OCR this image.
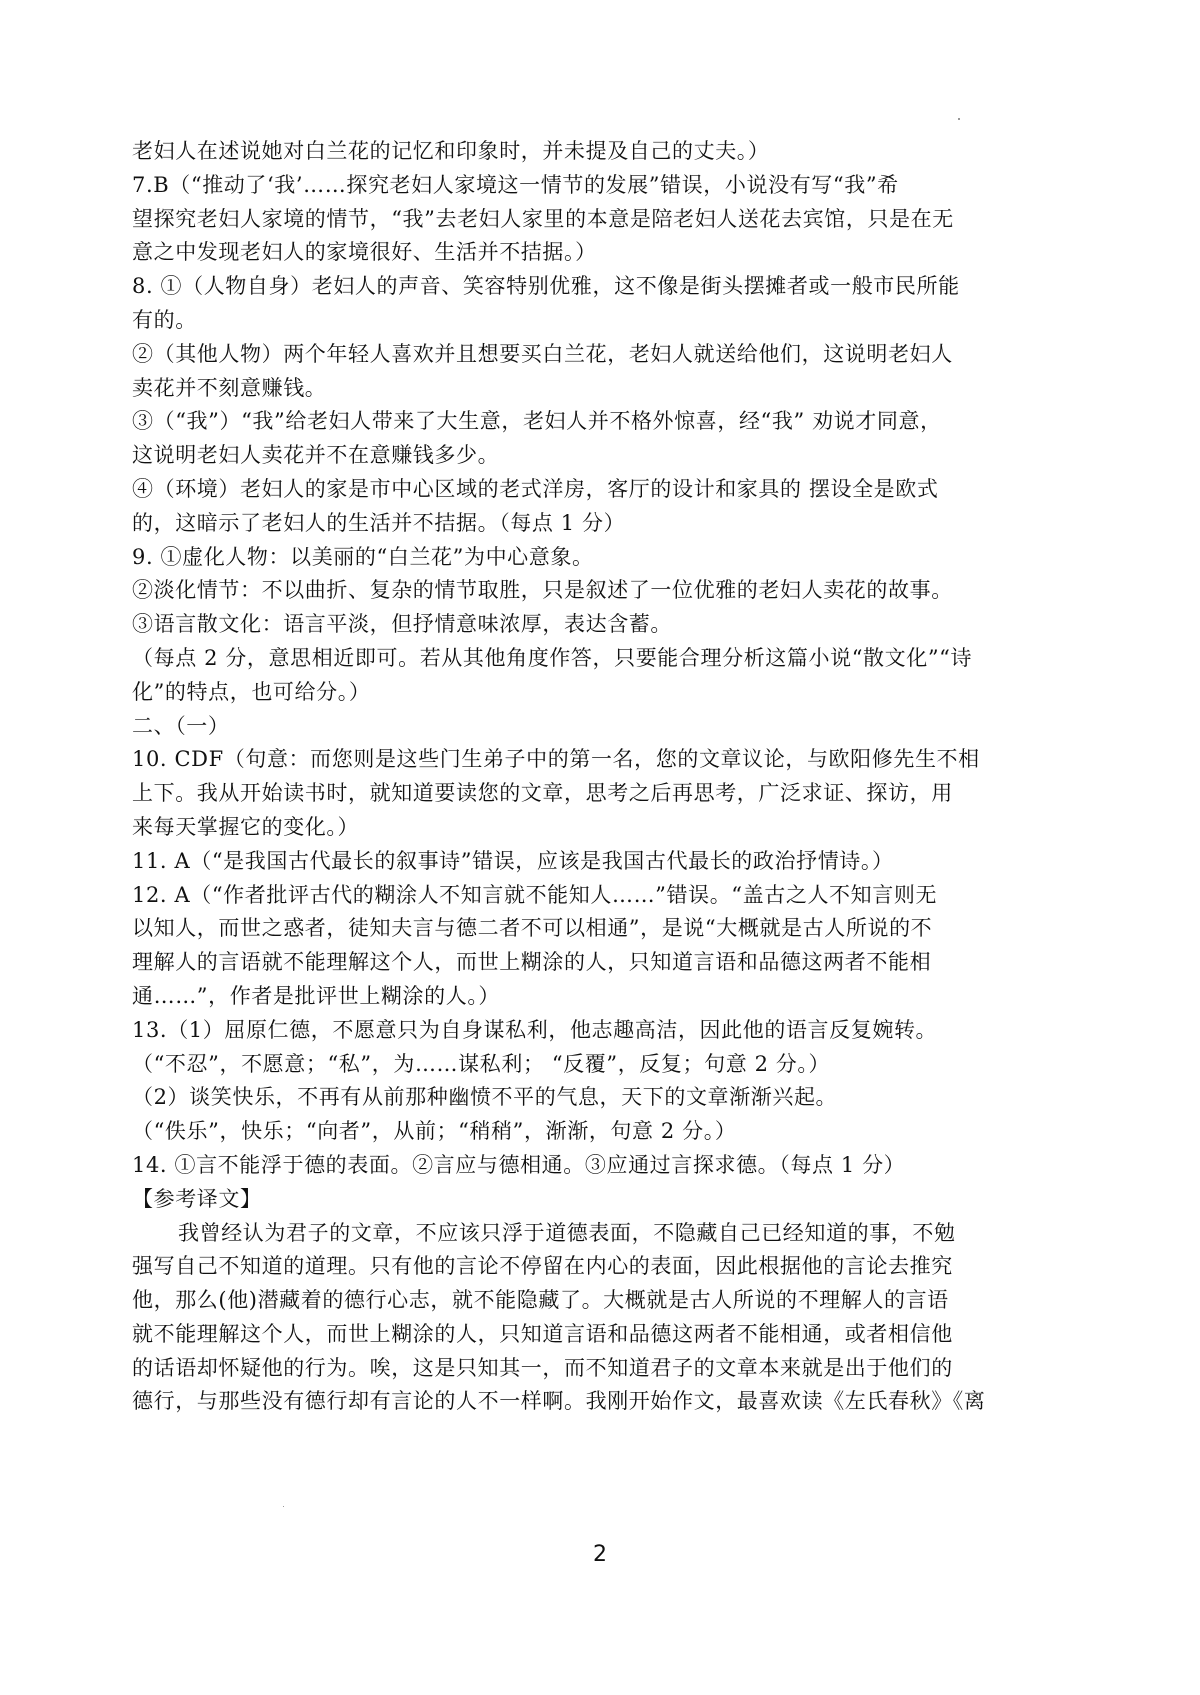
老妇人在述说她对白兰花的记忆和印象时，并未提及自己的丈夫。）
7.B（“推动了‘我’……探究老妇人家境这一情节的发展”错误，小说没有写“我”希
望探究老妇人家境的情节，“我”去老妇人家里的本意是陪老妇人送花去宾馆，只是在无
意之中发现老妇人的家境很好、生活并不拮据。）
8. ①（人物自身）老妇人的声音、笑容特别优雅，这不像是街头摆摊者或一般市民所能
有的。
②（其他人物）两个年轻人喜欢并且想要买白兰花，老妇人就送给他们，这说明老妇人
卖花并不刻意赚钱。
③（“我”）“我”给老妇人带来了大生意，老妇人并不格外惊喜，经“我” 劝说才同意，
这说明老妇人卖花并不在意赚钱多少。
④（环境）老妇人的家是市中心区域的老式洋房，客厅的设计和家具的 摆设全是欧式
的，这暗示了老妇人的生活并不拮据。（每点 1 分）
9. ①虚化人物：以美丽的“白兰花”为中心意象。
②淡化情节：不以曲折、复杂的情节取胜，只是叙述了一位优雅的老妇人卖花的故事。
③语言散文化：语言平淡，但抒情意味浓厚，表达含蓄。
（每点 2 分，意思相近即可。若从其他角度作答，只要能合理分析这篇小说“散文化”“诗
化”的特点，也可给分。）
二、（一）
10. CDF（句意：而您则是这些门生弟子中的第一名，您的文章议论，与欧阳修先生不相
上下。我从开始读书时，就知道要读您的文章，思考之后再思考，广泛求证、探访，用
来每天掌握它的变化。）
11. A（“是我国古代最长的叙事诗”错误，应该是我国古代最长的政治抒情诗。）
12. A（“作者批评古代的糊涂人不知言就不能知人……”错误。“盖古之人不知言则无
以知人，而世之惑者，徒知夫言与德二者不可以相通”，是说“大概就是古人所说的不
理解人的言语就不能理解这个人，而世上糊涂的人，只知道言语和品德这两者不能相
通……”，作者是批评世上糊涂的人。）
13.（1）屈原仁德，不愿意只为自身谋私利，他志趣高洁，因此他的语言反复婉转。
（“不忍”，不愿意；“私”，为……谋私利； “反覆”，反复；句意 2 分。）
（2）谈笑快乐，不再有从前那种幽愤不平的气息，天下的文章渐渐兴起。
（“佚乐”，快乐；“向者”，从前；“稍稍”，渐渐，句意 2 分。）
14. ①言不能浮于德的表面。②言应与德相通。③应通过言探求德。（每点 1 分）
【参考译文】
我曾经认为君子的文章，不应该只浮于道德表面，不隐藏自己已经知道的事，不勉
强写自己不知道的道理。只有他的言论不停留在内心的表面，因此根据他的言论去推究
他，那么(他)潜藏着的德行心志，就不能隐藏了。大概就是古人所说的不理解人的言语
就不能理解这个人，而世上糊涂的人，只知道言语和品德这两者不能相通，或者相信他
的话语却怀疑他的行为。唉，这是只知其一，而不知道君子的文章本来就是出于他们的
德行，与那些没有德行却有言论的人不一样啊。我刚开始作文，最喜欢读《左氏春秋》《离
2
